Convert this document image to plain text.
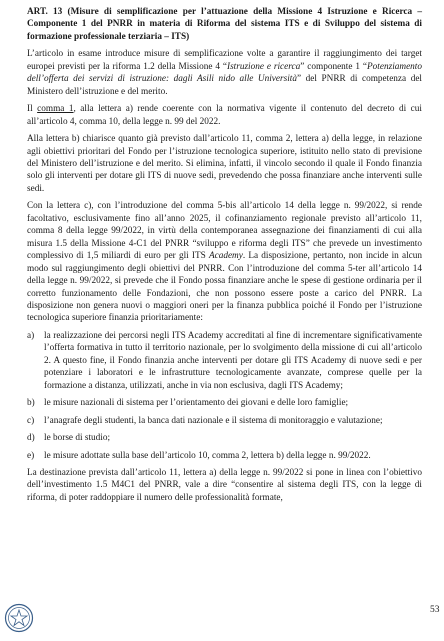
ART. 13 (Misure di semplificazione per l’attuazione della Missione 4 Istruzione e Ricerca – Componente 1 del PNRR in materia di Riforma del sistema ITS e di Sviluppo del sistema di formazione professionale terziaria – ITS)

L’articolo in esame introduce misure di semplificazione volte a garantire il raggiungimento dei target europei previsti per la riforma 1.2 della Missione 4 “Istruzione e ricerca” componente 1 “Potenziamento dell’offerta dei servizi di istruzione: dagli Asili nido alle Università” del PNRR di competenza del Ministero dell’istruzione e del merito.

Il comma 1, alla lettera a) rende coerente con la normativa vigente il contenuto del decreto di cui all’articolo 4, comma 10, della legge n. 99 del 2022.

Alla lettera b) chiarisce quanto già previsto dall’articolo 11, comma 2, lettera a) della legge, in relazione agli obiettivi prioritari del Fondo per l’istruzione tecnologica superiore, istituito nello stato di previsione del Ministero dell’istruzione e del merito. Si elimina, infatti, il vincolo secondo il quale il Fondo finanzia solo gli interventi per dotare gli ITS di nuove sedi, prevedendo che possa finanziare anche interventi sulle sedi.

Con la lettera c), con l’introduzione del comma 5-bis all’articolo 14 della legge n. 99/2022, si rende facoltativo, esclusivamente fino all’anno 2025, il cofinanziamento regionale previsto all’articolo 11, comma 8 della legge 99/2022, in virtù della contemporanea assegnazione dei finanziamenti di cui alla misura 1.5 della Missione 4-C1 del PNRR “sviluppo e riforma degli ITS” che prevede un investimento complessivo di 1,5 miliardi di euro per gli ITS Academy. La disposizione, pertanto, non incide in alcun modo sul raggiungimento degli obiettivi del PNRR. Con l’introduzione del comma 5-ter all’articolo 14 della legge n. 99/2022, si prevede che il Fondo possa finanziare anche le spese di gestione ordinaria per il corretto funzionamento delle Fondazioni, che non possono essere poste a carico del PNRR. La disposizione non genera nuovi o maggiori oneri per la finanza pubblica poiché il Fondo per l’istruzione tecnologica superiore finanzia prioritariamente:

a)	la realizzazione dei percorsi negli ITS Academy accreditati al fine di incrementare significativamente l’offerta formativa in tutto il territorio nazionale, per lo svolgimento della missione di cui all’articolo 2. A questo fine, il Fondo finanzia anche interventi per dotare gli ITS Academy di nuove sedi e per potenziare i laboratori e le infrastrutture tecnologicamente avanzate, comprese quelle per la formazione a distanza, utilizzati, anche in via non esclusiva, dagli ITS Academy;
b)	le misure nazionali di sistema per l’orientamento dei giovani e delle loro famiglie;
c)	l’anagrafe degli studenti, la banca dati nazionale e il sistema di monitoraggio e valutazione;
d)	le borse di studio;
e)	le misure adottate sulla base dell’articolo 10, comma 2, lettera b) della legge n. 99/2022.

La destinazione prevista dall’articolo 11, lettera a) della legge n. 99/2022 si pone in linea con l’obiettivo dell’investimento 1.5 M4C1 del PNRR, vale a dire “consentire al sistema degli ITS, con la legge di riforma, di poter raddoppiare il numero delle professionalità formate,

53
